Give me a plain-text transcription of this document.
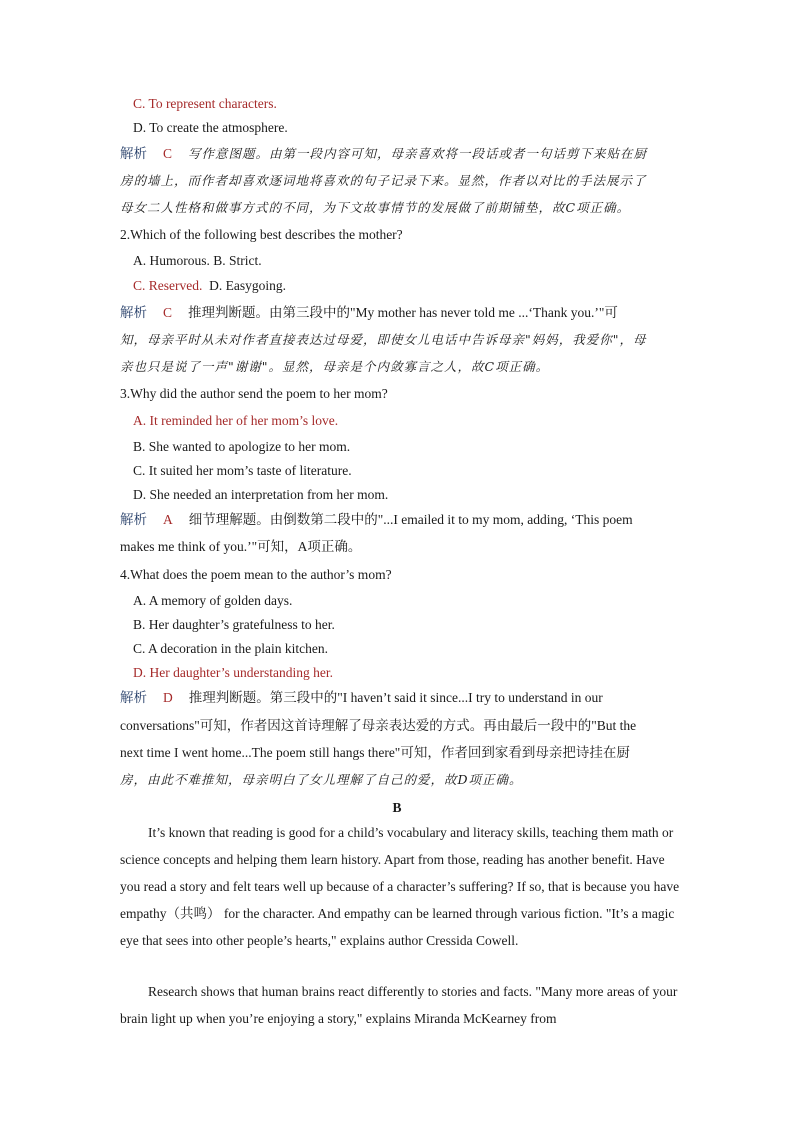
C. To represent characters.
D. To create the atmosphere.
解析 C 写作意图题。由第一段内容可知，母亲喜欢将一段话或者一句话剪下来贴在厨
房的墙上，而作者却喜欢逐词地将喜欢的句子记录下来。显然，作者以对比的手法展示了
母女二人性格和做事方式的不同，为下文故事情节的发展做了前期铺垫，故C项正确。
2.Which of the following best describes the mother?
A. Humorous. B. Strict.
C. Reserved. D. Easygoing.
解析 C 推理判断题。由第三段中的"My mother has never told me ...‘Thank you.’"可
知，母亲平时从未对作者直接表达过母爱，即使女儿电话中告诉母亲"妈妈，我爱你"，母
亲也只是说了一声"谢谢"。显然，母亲是个内敛寡言之人，故C项正确。
3.Why did the author send the poem to her mom?
A. It reminded her of her mom’s love.
B. She wanted to apologize to her mom.
C. It suited her mom’s taste of literature.
D. She needed an interpretation from her mom.
解析 A 细节理解题。由倒数第二段中的"...I emailed it to my mom, adding, ‘This poem
makes me think of you.’"可知，A项正确。
4.What does the poem mean to the author’s mom?
A. A memory of golden days.
B. Her daughter’s gratefulness to her.
C. A decoration in the plain kitchen.
D. Her daughter’s understanding her.
解析 D 推理判断题。第三段中的"I haven’t said it since...I try to understand in our
conversations"可知，作者因这首诗理解了母亲表达爱的方式。再由最后一段中的"But the
next time I went home...The poem still hangs there"可知，作者回到家看到母亲把诗挂在厨
房，由此不难推知，母亲明白了女儿理解了自己的爱，故D项正确。
B
It’s known that reading is good for a child’s vocabulary and literacy skills, teaching them math or science concepts and helping them learn history. Apart from those, reading has another benefit. Have you read a story and felt tears well up because of a character’s suffering? If so, that is because you have empathy（共鸣） for the character. And empathy can be learned through various fiction. "It’s a magic eye that sees into other people’s hearts," explains author Cressida Cowell.
Research shows that human brains react differently to stories and facts. "Many more areas of your brain light up when you’re enjoying a story," explains Miranda McKearney from
